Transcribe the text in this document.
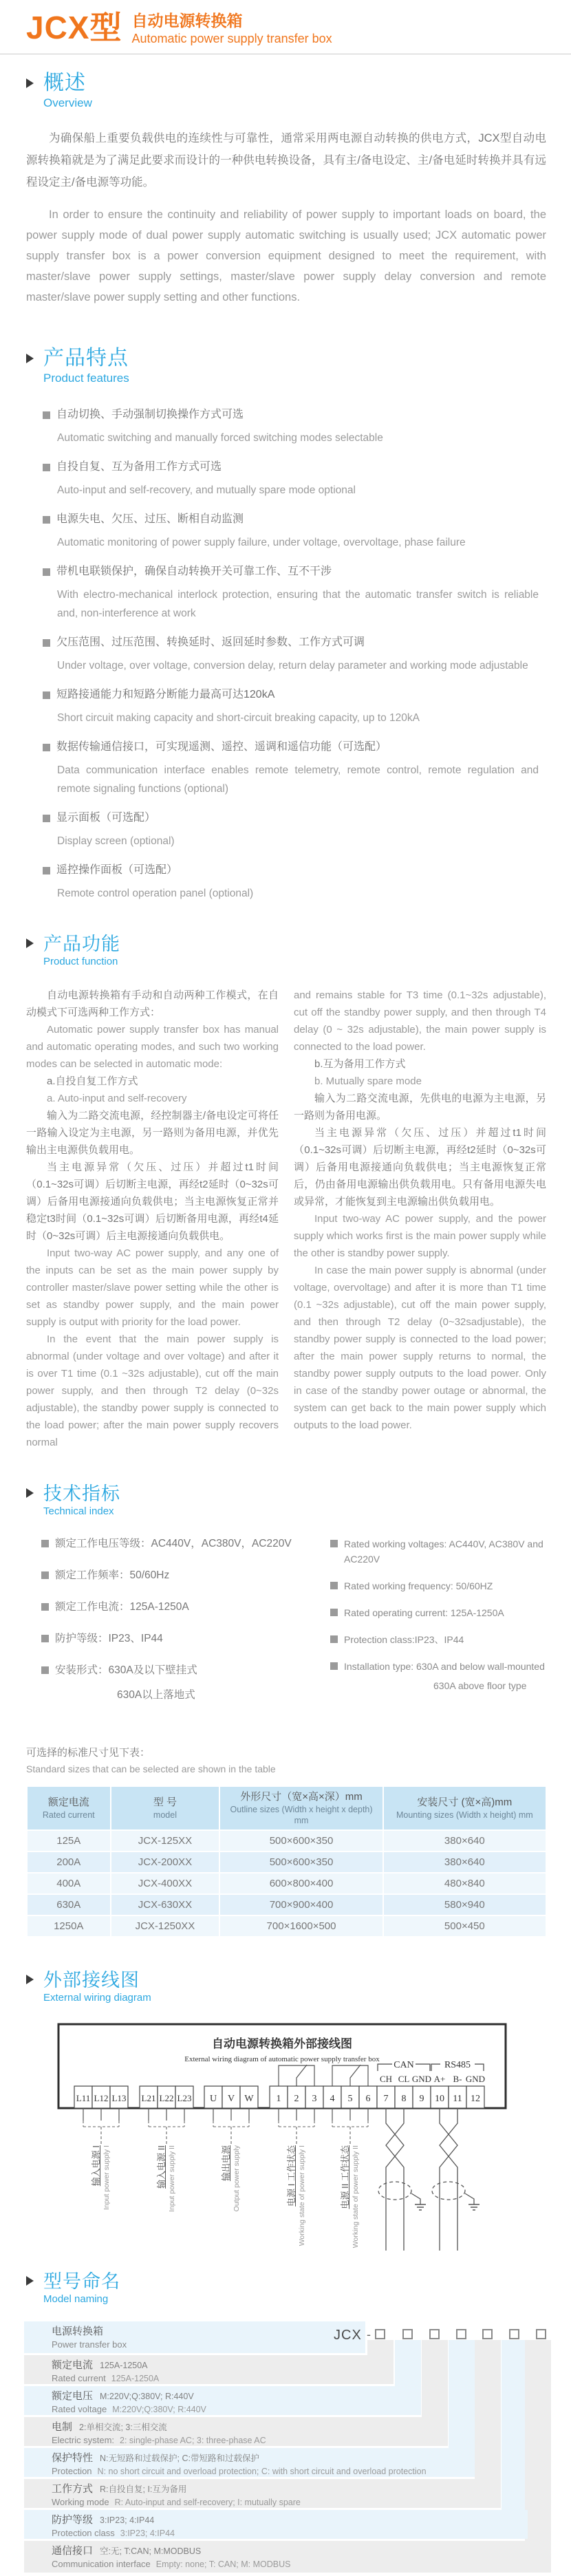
JCX型 自动电源转换箱
Automatic power supply transfer box
概述
Overview

为确保船上重要负载供电的连续性与可靠性，通常采用两电源自动转换的供电方式，JCX型自动电源转换箱就是为了满足此要求而设计的一种供电转换设备，具有主/备电设定、主/备电延时转换并具有远程设定主/备电源等功能。

In order to ensure the continuity and reliability of power supply to important loads on board, the power supply mode of dual power supply automatic switching is usually used; JCX automatic power supply transfer box is a power conversion equipment designed to meet the requirement, with master/slave power supply settings, master/slave power supply delay conversion and remote master/slave power supply setting and other functions.

产品特点
Product features
自动切换、手动强制切换操作方式可选
Automatic switching and manually forced switching modes selectable
自投自复、互为备用工作方式可选
Auto-input and self-recovery, and mutually spare mode optional
电源失电、欠压、过压、断相自动监测
Automatic monitoring of power supply failure, under voltage, overvoltage, phase failure
带机电联锁保护，确保自动转换开关可靠工作、互不干涉
With electro-mechanical interlock protection, ensuring that the automatic transfer switch is reliable and, non-interference at work
欠压范围、过压范围、转换延时、返回延时参数、工作方式可调
Under voltage, over voltage, conversion delay, return delay parameter and working mode adjustable
短路接通能力和短路分断能力最高可达120kA
Short circuit making capacity and short-circuit breaking capacity, up to 120kA
数据传输通信接口，可实现遥测、遥控、遥调和遥信功能（可选配）
Data communication interface enables remote telemetry, remote control, remote regulation and remote signaling functions (optional)
显示面板（可选配）
Display screen (optional)
遥控操作面板（可选配）
Remote control operation panel (optional)
产品功能
Product function

自动电源转换箱有手动和自动两种工作模式，在自动模式下可选两种工作方式：

Automatic power supply transfer box has manual and automatic operating modes, and such two working modes can be selected in automatic mode:

a.自投自复工作方式

a. Auto-input and self-recovery

输入为二路交流电源，经控制器主/备电设定可将任一路输入设定为主电源，另一路则为备用电源，并优先输出主电源供负载用电。

当主电源异常（欠压、过压）并超过t1时间（0.1~32s可调）后切断主电源，再经t2延时（0~32s可调）后备用电源接通向负载供电；当主电源恢复正常并稳定t3时间（0.1~32s可调）后切断备用电源，再经t4延时（0~32s可调）后主电源接通向负载供电。

Input two-way AC power supply, and any one of the inputs can be set as the main power supply by controller master/slave power setting while the other is set as standby power supply, and the main power supply is output with priority for the load power.

In the event that the main power supply is abnormal (under voltage and over voltage) and after it is over T1 time (0.1 ~32s adjustable), cut off the main power supply, and then through T2 delay (0~32s adjustable), the standby power supply is connected to the load power; after the main power supply recovers normal

and remains stable for T3 time (0.1~32s adjustable), cut off the standby power supply, and then through T4 delay (0 ~ 32s adjustable), the main power supply is connected to the load power.

b.互为备用工作方式

b. Mutually spare mode

输入为二路交流电源，先供电的电源为主电源，另一路则为备用电源。

当主电源异常（欠压、过压）并超过t1时间（0.1~32s可调）后切断主电源，再经t2延时（0~32s可调）后备用电源接通向负载供电；当主电源恢复正常后，仍由备用电源输出供负载用电。只有备用电源失电或异常，才能恢复到主电源输出供负载用电。

Input two-way AC power supply, and the power supply which works first is the main power supply while the other is standby power supply.

In case the main power supply is abnormal (under voltage, overvoltage) and after it is more than T1 time (0.1 ~32s adjustable), cut off the main power supply, and then through T2 delay (0~32sadjustable), the standby power supply is connected to the load power; after the main power supply returns to normal, the standby power supply outputs to the load power. Only in case of the standby power outage or abnormal, the system can get back to the main power supply which outputs to the load power.

技术指标
Technical index
额定工作电压等级：AC440V，AC380V，AC220V
额定工作频率：50/60Hz
额定工作电流：125A-1250A
防护等级：IP23、IP44
安装形式：630A及以下壁挂式
630A以上落地式
Rated working voltages: AC440V, AC380V and AC220V
Rated working frequency: 50/60HZ
Rated operating current: 125A-1250A
Protection class:IP23、IP44
Installation type: 630A and below wall-mounted
630A above floor type
可选择的标准尺寸见下表：
Standard sizes that can be selected are shown in the table
额定电流
Rated current	型 号
model	外形尺寸（宽×高×深）mm
Outline sizes (Width x height x depth) mm	安装尺寸 (宽×高)mm
Mounting sizes (Width x height) mm

125A	JCX-125XX	500×600×350	380×640
200A	JCX-200XX	500×600×350	380×640
400A	JCX-400XX	600×800×400	480×840
630A	JCX-630XX	700×900×400	580×940
1250A	JCX-1250XX	700×1600×500	500×450
外部接线图
External wiring diagram
自动电源转换箱外部接线图
External wiring diagram of automatic power supply transfer box
CAN	RS485
CH CL GND A+ B- GND
L11 L12 L13 L21 L22 L23 U V W 1 2 3 4 5 6 7 8 9 10 11 12
输入电源 I Input power supply I	输入电源 II Input power supply II	输出电源 Output power supply	电源 I 工作状态 Working state of power supply I	电源 II 工作状态 Working state of power supply II
型号命名
Model naming
电源转换箱
Power transfer box
额定电流 125A-1250A
Rated current 125A-1250A
额定电压 M:220V;Q:380V; R:440V
Rated voltage M:220V;Q:380V; R:440V
电制 2:单相交流; 3:三相交流
Electric system: 2: single-phase AC; 3: three-phase AC
保护特性 N:无短路和过载保护; C:带短路和过载保护
Protection N: no short circuit and overload protection; C: with short circuit and overload protection
工作方式 R:自投自复; I:互为备用
Working mode R: Auto-input and self-recovery; I: mutually spare
防护等级 3:IP23; 4:IP44
Protection class 3:IP23; 4:IP44
通信接口 空:无; T:CAN; M:MODBUS
Communication interface Empty: none; T: CAN; M: MODBUS
JCX -
